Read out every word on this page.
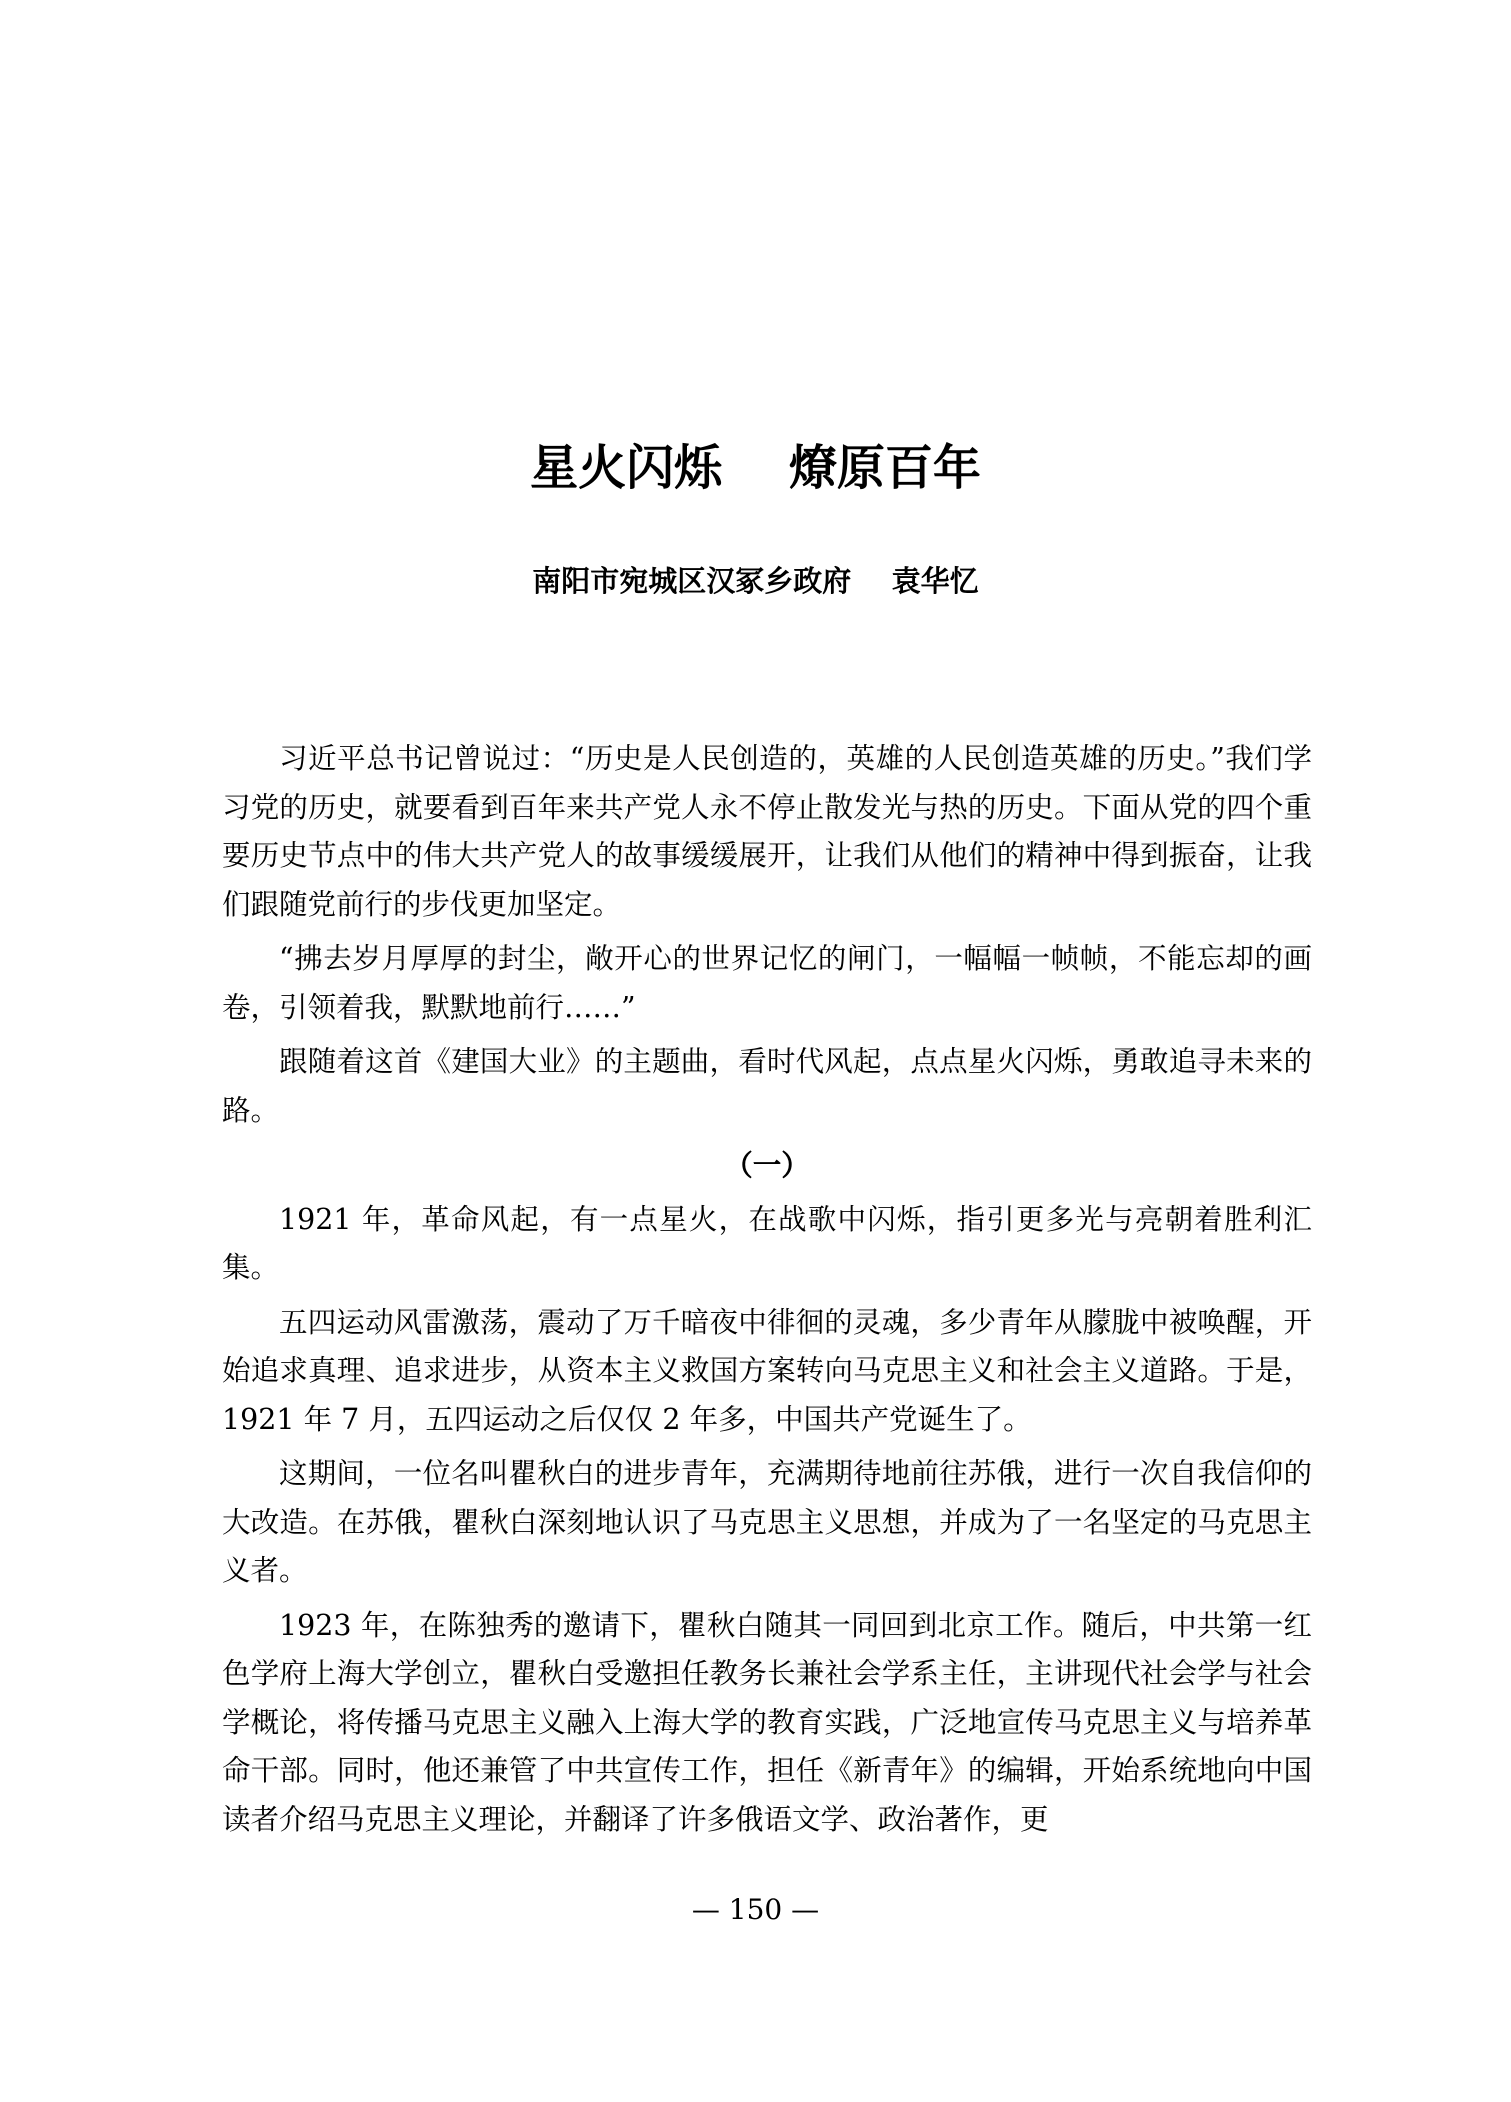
星火闪烁    燎原百年
南阳市宛城区汉冢乡政府    袁华忆

习近平总书记曾说过：“历史是人民创造的，英雄的人民创造英雄的历史。”我们学习党的历史，就要看到百年来共产党人永不停止散发光与热的历史。下面从党的四个重要历史节点中的伟大共产党人的故事缓缓展开，让我们从他们的精神中得到振奋，让我们跟随党前行的步伐更加坚定。

“拂去岁月厚厚的封尘，敞开心的世界记忆的闸门，一幅幅一帧帧，不能忘却的画卷，引领着我，默默地前行……”

跟随着这首《建国大业》的主题曲，看时代风起，点点星火闪烁，勇敢追寻未来的路。

（一）

1921 年，革命风起，有一点星火，在战歌中闪烁，指引更多光与亮朝着胜利汇集。

五四运动风雷激荡，震动了万千暗夜中徘徊的灵魂，多少青年从朦胧中被唤醒，开始追求真理、追求进步，从资本主义救国方案转向马克思主义和社会主义道路。于是，1921 年 7 月，五四运动之后仅仅 2 年多，中国共产党诞生了。

这期间，一位名叫瞿秋白的进步青年，充满期待地前往苏俄，进行一次自我信仰的大改造。在苏俄，瞿秋白深刻地认识了马克思主义思想，并成为了一名坚定的马克思主义者。

1923 年，在陈独秀的邀请下，瞿秋白随其一同回到北京工作。随后，中共第一红色学府上海大学创立，瞿秋白受邀担任教务长兼社会学系主任，主讲现代社会学与社会学概论，将传播马克思主义融入上海大学的教育实践，广泛地宣传马克思主义与培养革命干部。同时，他还兼管了中共宣传工作，担任《新青年》的编辑，开始系统地向中国读者介绍马克思主义理论，并翻译了许多俄语文学、政治著作，更

— 150 —
